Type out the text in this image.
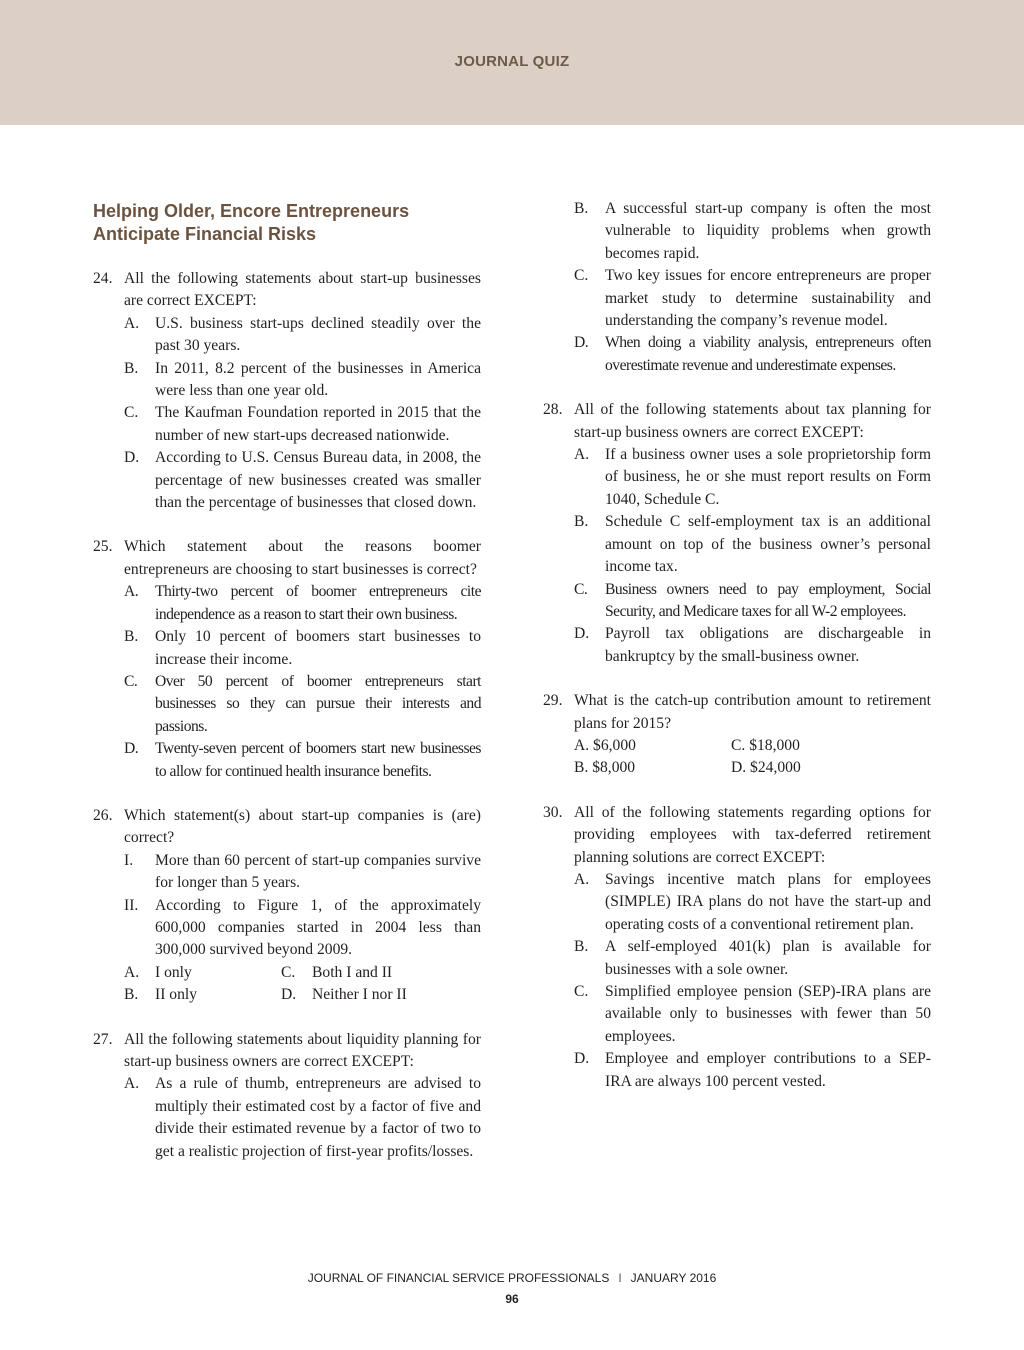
JOURNAL QUIZ
Helping Older, Encore Entrepreneurs Anticipate Financial Risks
24. All the following statements about start-up businesses are correct EXCEPT:
A. U.S. business start-ups declined steadily over the past 30 years.
B. In 2011, 8.2 percent of the businesses in America were less than one year old.
C. The Kaufman Foundation reported in 2015 that the number of new start-ups decreased nationwide.
D. According to U.S. Census Bureau data, in 2008, the percentage of new businesses created was smaller than the percentage of businesses that closed down.
25. Which statement about the reasons boomer entrepreneurs are choosing to start businesses is correct?
A. Thirty-two percent of boomer entrepreneurs cite independence as a reason to start their own business.
B. Only 10 percent of boomers start businesses to increase their income.
C. Over 50 percent of boomer entrepreneurs start businesses so they can pursue their interests and passions.
D. Twenty-seven percent of boomers start new businesses to allow for continued health insurance benefits.
26. Which statement(s) about start-up companies is (are) correct?
I. More than 60 percent of start-up companies survive for longer than 5 years.
II. According to Figure 1, of the approximately 600,000 companies started in 2004 less than 300,000 survived beyond 2009.
A. I only	C. Both I and II
B. II only	D. Neither I nor II
27. All the following statements about liquidity planning for start-up business owners are correct EXCEPT:
A. As a rule of thumb, entrepreneurs are advised to multiply their estimated cost by a factor of five and divide their estimated revenue by a factor of two to get a realistic projection of first-year profits/losses.
B. A successful start-up company is often the most vulnerable to liquidity problems when growth becomes rapid.
C. Two key issues for encore entrepreneurs are proper market study to determine sustainability and understanding the company’s revenue model.
D. When doing a viability analysis, entrepreneurs often overestimate revenue and underestimate expenses.
28. All of the following statements about tax planning for start-up business owners are correct EXCEPT:
A. If a business owner uses a sole proprietorship form of business, he or she must report results on Form 1040, Schedule C.
B. Schedule C self-employment tax is an additional amount on top of the business owner’s personal income tax.
C. Business owners need to pay employment, Social Security, and Medicare taxes for all W-2 employees.
D. Payroll tax obligations are dischargeable in bankruptcy by the small-business owner.
29. What is the catch-up contribution amount to retirement plans for 2015?
A. $6,000	C. $18,000
B. $8,000	D. $24,000
30. All of the following statements regarding options for providing employees with tax-deferred retirement planning solutions are correct EXCEPT:
A. Savings incentive match plans for employees (SIMPLE) IRA plans do not have the start-up and operating costs of a conventional retirement plan.
B. A self-employed 401(k) plan is available for businesses with a sole owner.
C. Simplified employee pension (SEP)-IRA plans are available only to businesses with fewer than 50 employees.
D. Employee and employer contributions to a SEP-IRA are always 100 percent vested.
JOURNAL OF FINANCIAL SERVICE PROFESSIONALS I JANUARY 2016
96
